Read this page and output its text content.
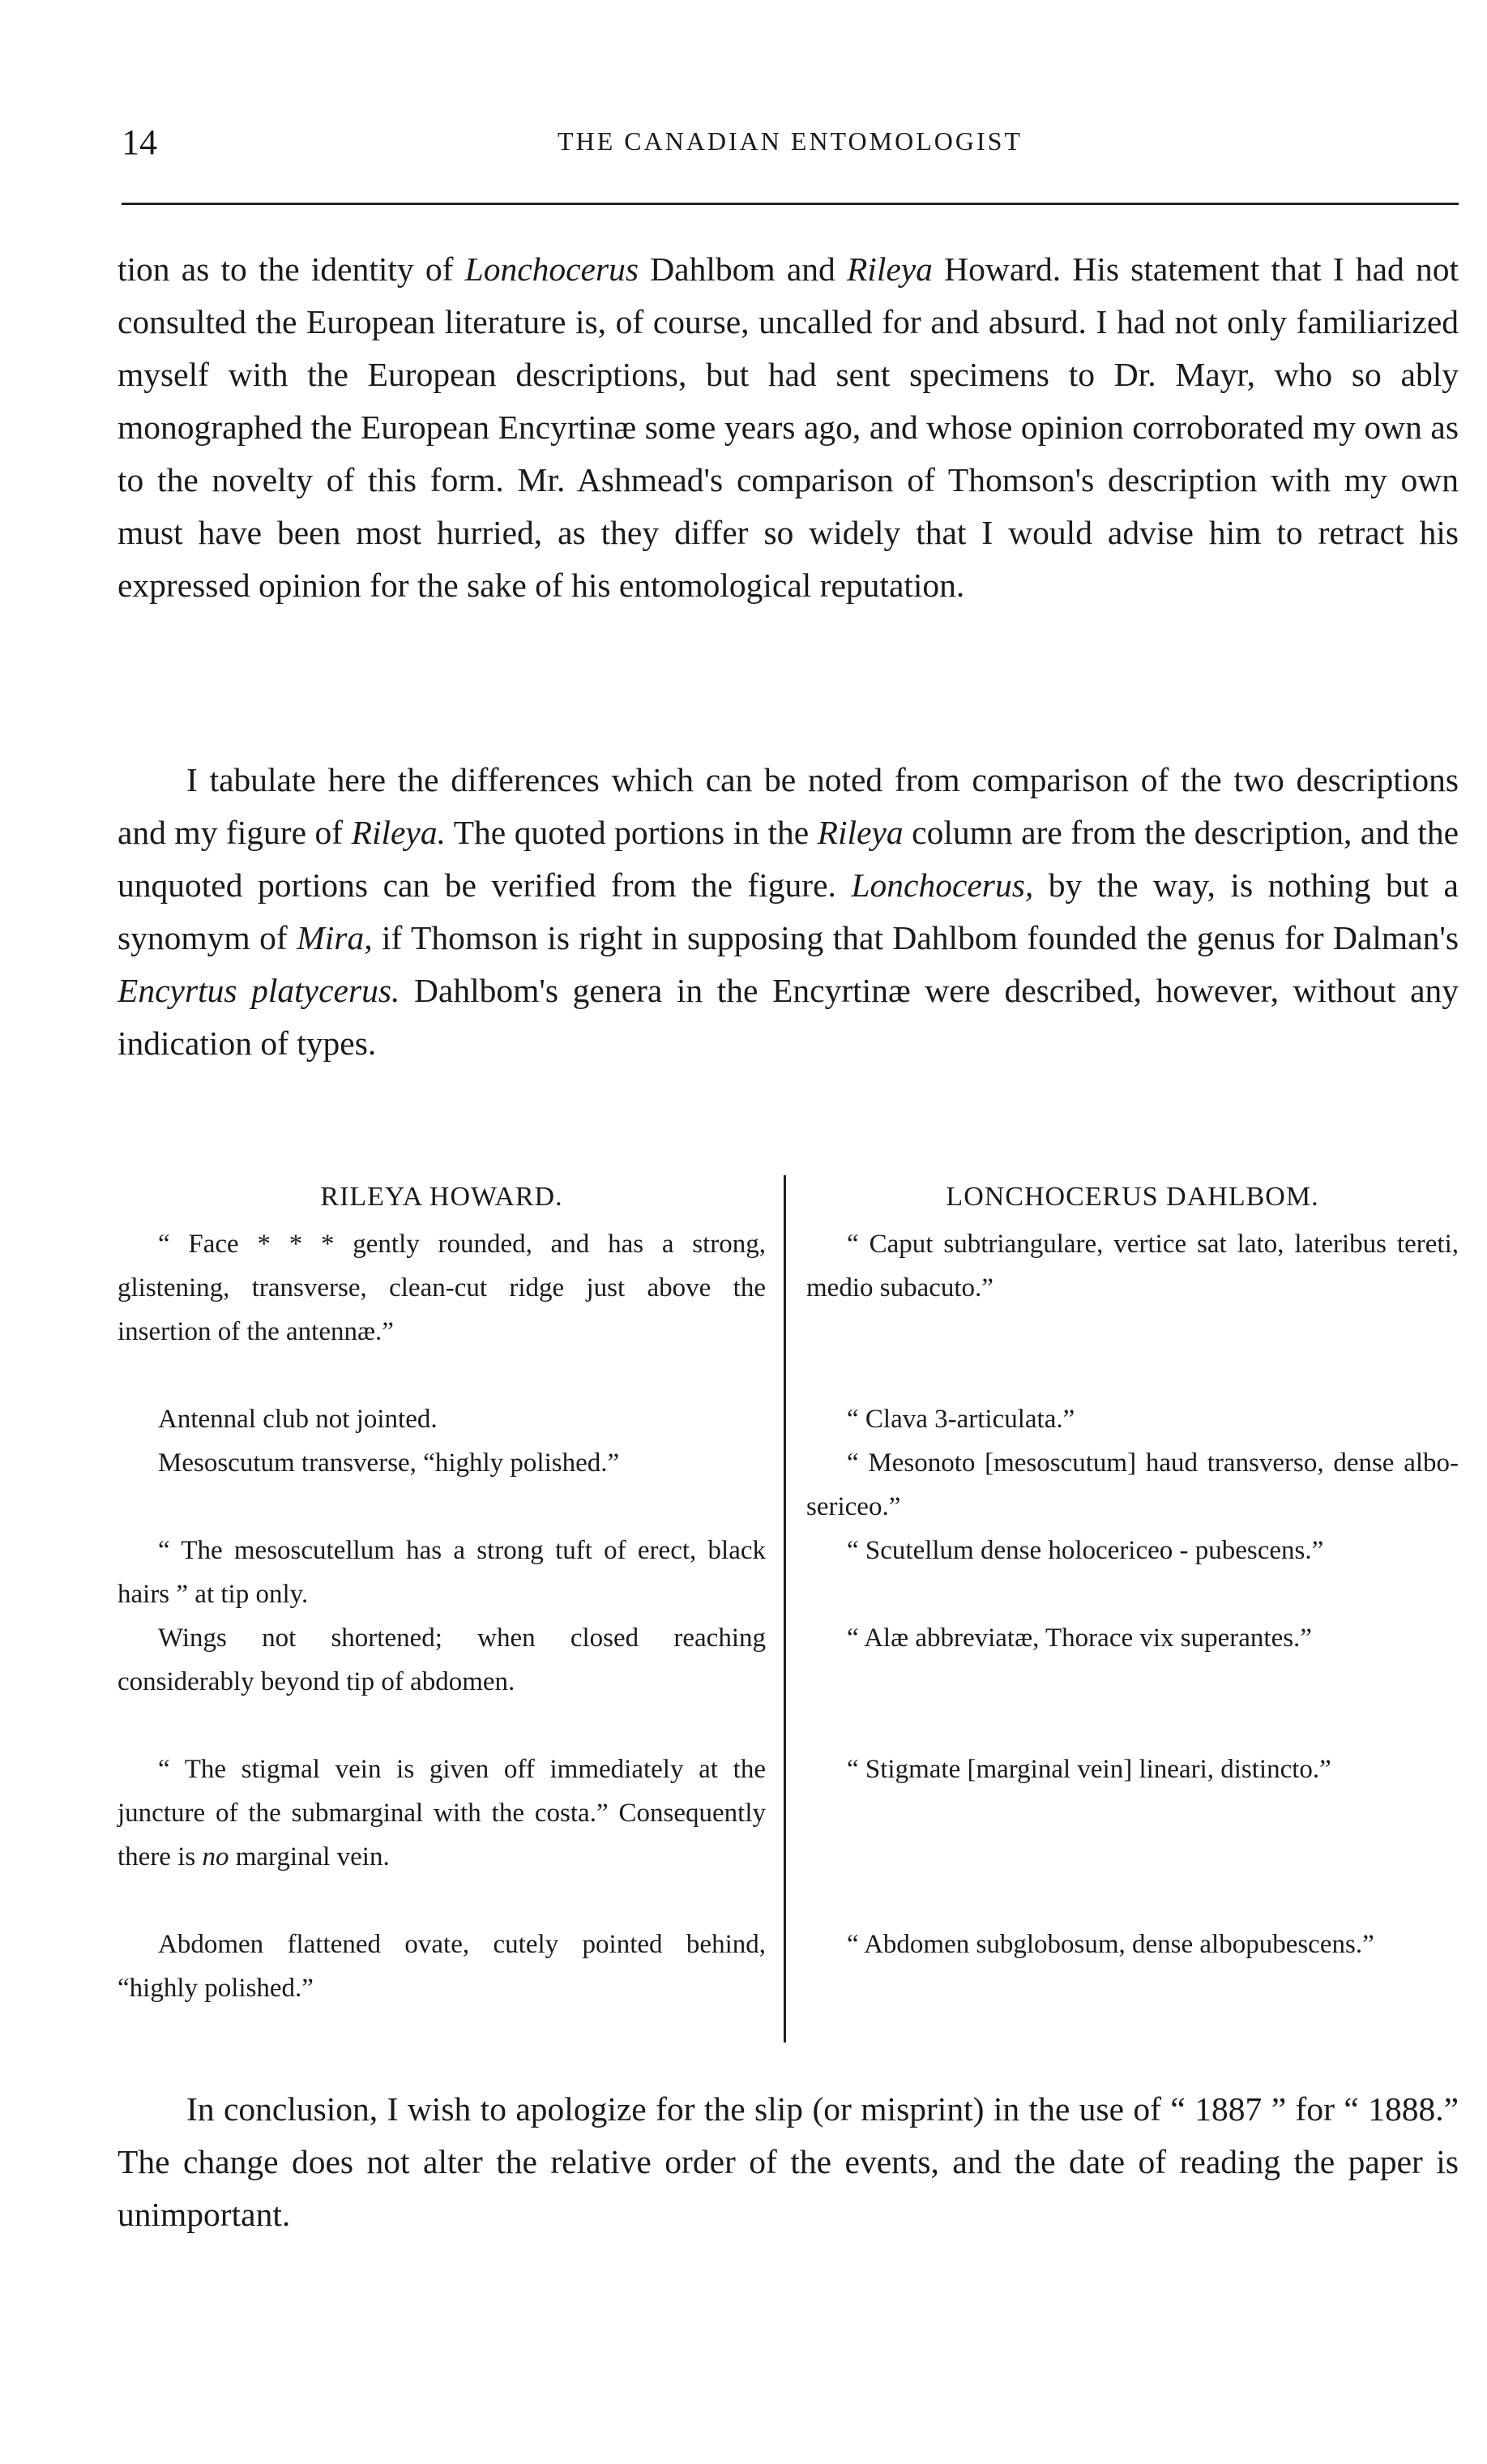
14	THE CANADIAN ENTOMOLOGIST

tion as to the identity of Lonchocerus Dahlbom and Rileya Howard. His statement that I had not consulted the European literature is, of course, uncalled for and absurd. I had not only familiarized myself with the European descriptions, but had sent specimens to Dr. Mayr, who so ably monographed the European Encyrtinæ some years ago, and whose opinion corroborated my own as to the novelty of this form. Mr. Ashmead's comparison of Thomson's description with my own must have been most hurried, as they differ so widely that I would advise him to retract his expressed opinion for the sake of his entomological reputation.

I tabulate here the differences which can be noted from comparison of the two descriptions and my figure of Rileya. The quoted portions in the Rileya column are from the description, and the unquoted portions can be verified from the figure. Lonchocerus, by the way, is nothing but a synomym of Mira, if Thomson is right in supposing that Dahlbom founded the genus for Dalman's Encyrtus platycerus. Dahlbom's genera in the Encyrtinæ were described, however, without any indication of types.

RILEYA HOWARD.

“ Face * * * gently rounded, and has a strong, glistening, transverse, clean-cut ridge just above the insertion of the antennæ.”

Antennal club not jointed.

Mesoscutum transverse, “highly polished.”

“ The mesoscutellum has a strong tuft of erect, black hairs ” at tip only.

Wings not shortened; when closed reaching considerably beyond tip of abdomen.

“ The stigmal vein is given off immediately at the juncture of the submarginal with the costa.” Consequently there is no marginal vein.

Abdomen flattened ovate, cutely pointed behind, “highly polished.”

LONCHOCERUS DAHLBOM.

“ Caput subtriangulare, vertice sat lato, lateribus tereti, medio subacuto.”

“ Clava 3-articulata.”

“ Mesonoto [mesoscutum] haud transverso, dense albo-sericeo.”

“ Scutellum dense holocericeo - pubescens.”

“ Alæ abbreviatæ, Thorace vix superantes.”

“ Stigmate [marginal vein] lineari, distincto.”

“ Abdomen subglobosum, dense albopubescens.”

In conclusion, I wish to apologize for the slip (or misprint) in the use of “ 1887 ” for “ 1888.” The change does not alter the relative order of the events, and the date of reading the paper is unimportant.
